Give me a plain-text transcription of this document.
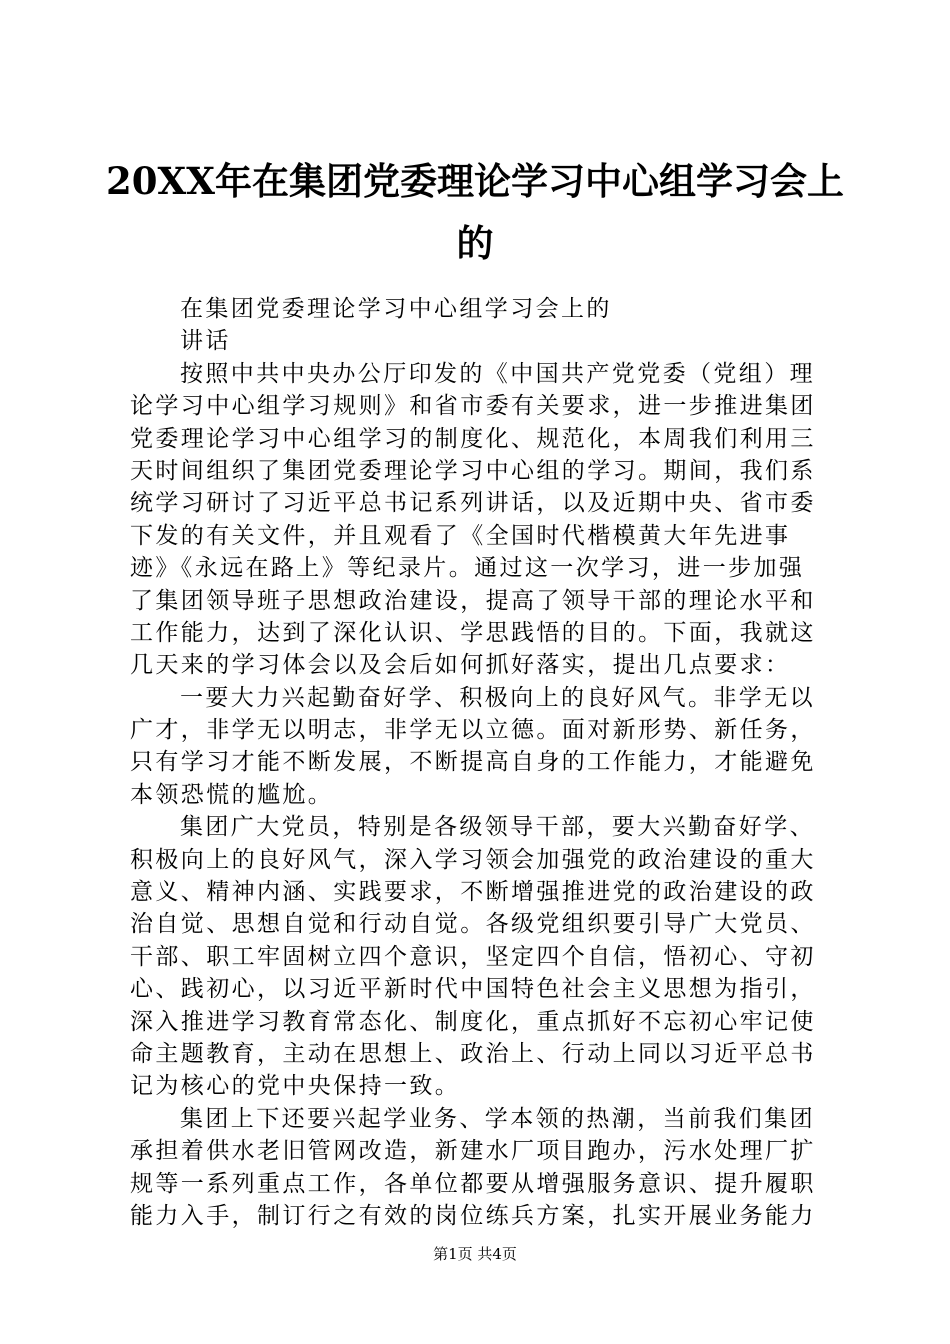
20XX年在集团党委理论学习中心组学习会上
的
在集团党委理论学习中心组学习会上的
讲话
按照中共中央办公厅印发的《中国共产党党委（党组）理
论学习中心组学习规则》和省市委有关要求，进一步推进集团
党委理论学习中心组学习的制度化、规范化，本周我们利用三
天时间组织了集团党委理论学习中心组的学习。期间，我们系
统学习研讨了习近平总书记系列讲话，以及近期中央、省市委
下发的有关文件，并且观看了《全国时代楷模黄大年先进事
迹》《永远在路上》等纪录片。通过这一次学习，进一步加强
了集团领导班子思想政治建设，提高了领导干部的理论水平和
工作能力，达到了深化认识、学思践悟的目的。下面，我就这
几天来的学习体会以及会后如何抓好落实，提出几点要求：
一要大力兴起勤奋好学、积极向上的良好风气。非学无以
广才，非学无以明志，非学无以立德。面对新形势、新任务，
只有学习才能不断发展，不断提高自身的工作能力，才能避免
本领恐慌的尴尬。
集团广大党员，特别是各级领导干部，要大兴勤奋好学、
积极向上的良好风气，深入学习领会加强党的政治建设的重大
意义、精神内涵、实践要求，不断增强推进党的政治建设的政
治自觉、思想自觉和行动自觉。各级党组织要引导广大党员、
干部、职工牢固树立四个意识，坚定四个自信，悟初心、守初
心、践初心，以习近平新时代中国特色社会主义思想为指引，
深入推进学习教育常态化、制度化，重点抓好不忘初心牢记使
命主题教育，主动在思想上、政治上、行动上同以习近平总书
记为核心的党中央保持一致。
集团上下还要兴起学业务、学本领的热潮，当前我们集团
承担着供水老旧管网改造，新建水厂项目跑办，污水处理厂扩
规等一系列重点工作，各单位都要从增强服务意识、提升履职
能力入手，制订行之有效的岗位练兵方案，扎实开展业务能力
第1页 共4页
